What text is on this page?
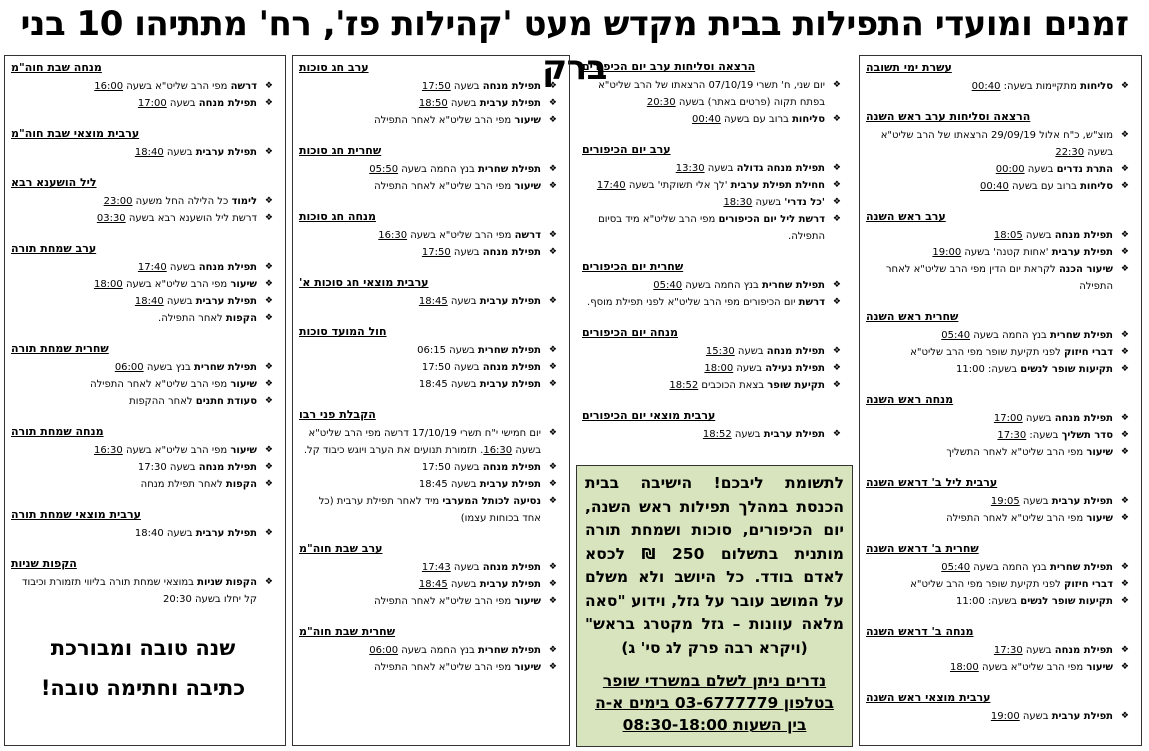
זמנים ומועדי התפילות בבית מקדש מעט 'קהילות פז', רח' מתתיהו 10 בני ברק	עשרת ימי תשובה
❖ סליחות מתקיימות בשעה: 00:40
הרצאה וסליחות ערב ראש השנה
❖ מוצ"ש, כ"ח אלול 29/09/19 הרצאתו של הרב שליט"א בשעה 22:30
❖ התרת נדרים בשעה 00:00
❖ סליחות ברוב עם בשעה 00:40
ערב ראש השנה
❖ תפילת מנחה בשעה 18:05
❖ תפילת ערבית 'אחות קטנה' בשעה 19:00
❖ שיעור הכנה לקראת יום הדין מפי הרב שליט"א לאחר התפילה
שחרית ראש השנה
❖ תפילת שחרית בנץ החמה בשעה 05:40
❖ דברי חיזוק לפני תקיעת שופר מפי הרב שליט"א
❖ תקיעות שופר לנשים בשעה: 11:00
מנחה ראש השנה
❖ תפילת מנחה בשעה 17:00
❖ סדר תשליך בשעה: 17:30
❖ שיעור מפי הרב שליט"א לאחר התשליך
ערבית ליל ב' דראש השנה
❖ תפילת ערבית בשעה 19:05
❖ שיעור מפי הרב שליט"א לאחר התפילה
שחרית ב' דראש השנה
❖ תפילת שחרית בנץ החמה בשעה 05:40
❖ דברי חיזוק לפני תקיעת שופר מפי הרב שליט"א
❖ תקיעות שופר לנשים בשעה: 11:00
מנחה ב' דראש השנה
❖ תפילת מנחה בשעה 17:30
❖ שיעור מפי הרב שליט"א בשעה 18:00
ערבית מוצאי ראש השנה
❖ תפילת ערבית בשעה 19:00
הרצאה וסליחות ערב יום הכיפורים
❖ יום שני, ח' תשרי 07/10/19 הרצאתו של הרב שליט"א בפתח תקוה (פרטים באתר) בשעה 20:30
❖ סליחות ברוב עם בשעה 00:40
ערב יום הכיפורים
❖ תפילת מנחה גדולה בשעה 13:30
❖ חחילת תפילת ערבית 'לך אלי תשוקתי' בשעה 17:40
❖ 'כל נדרי' בשעה 18:30
❖ דרשת ליל יום הכיפורים מפי הרב שליט"א מיד בסיום התפילה.
שחרית יום הכיפורים
❖ תפילת שחרית בנץ החמה בשעה 05:40
❖ דרשת יום הכיפורים מפי הרב שליט"א לפני תפילת מוסף.
מנחה יום הכיפורים
❖ תפילת מנחה בשעה 15:30
❖ תפילת נעילה בשעה 18:00
❖ תקיעת שופר בצאת הכוכבים 18:52
ערבית מוצאי יום הכיפורים
❖ תפילת ערבית בשעה 18:52
ערב חג סוכות
❖ תפילת מנחה בשעה 17:50
❖ תפילת ערבית בשעה 18:50
❖ שיעור מפי הרב שליט"א לאחר התפילה
שחרית חג סוכות
❖ תפילת שחרית בנץ החמה בשעה 05:50
❖ שיעור מפי הרב שליט"א לאחר התפילה
מנחה חג סוכות
❖ דרשה מפי הרב שליט"א בשעה 16:30
❖ תפילת מנחה בשעה 17:50
ערבית מוצאי חג סוכות א'
❖ תפילת ערבית בשעה 18:45
חול המועד סוכות
❖ תפילת שחרית בשעה 06:15
❖ תפילת מנחה בשעה 17:50
❖ תפילת ערבית בשעה 18:45
הקבלת פני רבו
❖ יום חמישי י"ח תשרי 17/10/19 דרשה מפי הרב שליט"א בשעה 16:30. תזמורת תנועים את הערב ויוגש כיבוד קל.
❖ תפילת מנחה בשעה 17:50
❖ תפילת ערבית בשעה 18:45
❖ נסיעה לכותל המערבי מיד לאחר תפילת ערבית (כל אחד בכוחות עצמו)
ערב שבת חוה"מ
❖ תפילת מנחה בשעה 17:43
❖ תפילת ערבית בשעה 18:45
❖ שיעור מפי הרב שליט"א לאחר התפילה
שחרית שבת חוה"מ
❖ תפילת שחרית בנץ החמה בשעה 06:00
❖ שיעור מפי הרב שליט"א לאחר התפילה
מנחה שבת חוה"מ
❖ דרשה מפי הרב שליט"א בשעה 16:00
❖ תפילת מנחה בשעה 17:00
ערבית מוצאי שבת חוה"מ
❖ תפילת ערבית בשעה 18:40
ליל הושענא רבא
❖ לימוד כל הלילה החל משעה 23:00
❖ דרשת ליל הושענא רבא בשעה 03:30
ערב שמחת תורה
❖ תפילת מנחה בשעה 17:40
❖ שיעור מפי הרב שליט"א בשעה 18:00
❖ תפילת ערבית בשעה 18:40
❖ הקפות לאחר התפילה.
שחרית שמחת תורה
❖ תפילת שחרית בנץ בשעה 06:00
❖ שיעור מפי הרב שליט"א לאחר התפילה
❖ סעודת חתנים לאחר ההקפות
מנחה שמחת תורה
❖ שיעור מפי הרב שליט"א בשעה 16:30
❖ תפילת מנחה בשעה 17:30
❖ הקפות לאחר תפילת מנחה
ערבית מוצאי שמחת תורה
❖ תפילת ערבית בשעה 18:40
הקפות שניות
❖ הקפות שניות במוצאי שמחת תורה בליווי תזמורת וכיבוד קל יחלו בשעה 20:30
שנה טובה ומבורכת
כתיבה וחתימה טובה!

לתשומת ליבכם! הישיבה בבית הכנסת במהלך תפילות ראש השנה, יום הכיפורים, סוכות ושמחת תורה מותנית בתשלום 250 ₪ לכסא לאדם בודד. כל היושב ולא משלם על המושב עובר על גזל, וידוע "סאה מלאה עוונות – גזל מקטרג בראש" (ויקרא רבה פרק לג סי' ג)

נדרים ניתן לשלם במשרדי שופר
בטלפון 03-6777779 בימים א-ה
בין השעות 08:30-18:00
